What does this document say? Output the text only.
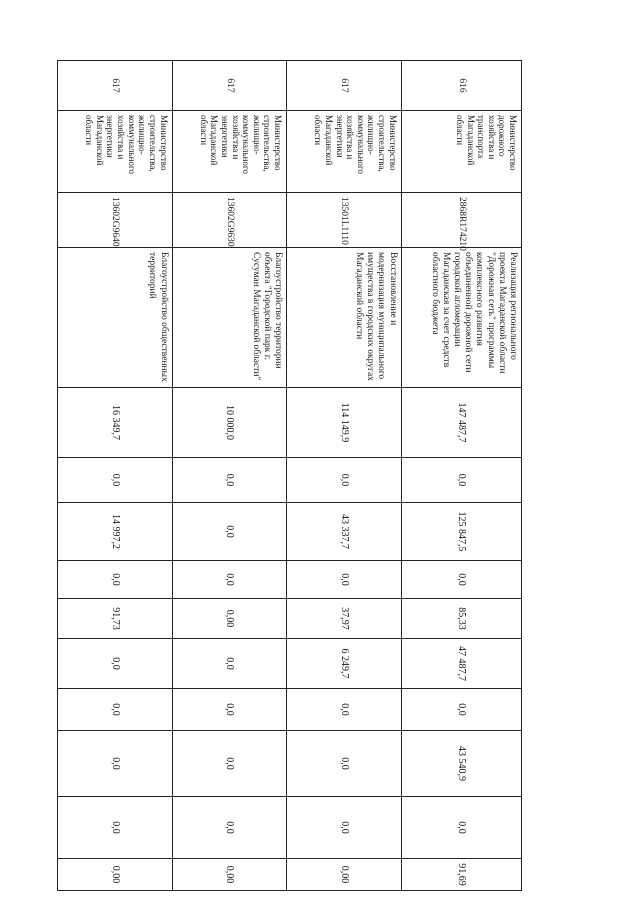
616	Министерство дорожного хозяйства и транспорта Магаданской области	2868R174210	Реализация регионального проекта Магаданской области "Дорожная сеть" программы комплексного развития объединенной дорожной сети городской агломерации Магаданская за счет средств областного бюджета	147 487,7	0,0	125 847,5	0,0	85,33	47 487,7	0,0	43 540,9	0,0	91,69
617	Министерство строительства, жилищно-коммунального хозяйства и энергетики Магаданской области	13501L1110	Восстановление и модернизация муниципального имущества в городских округах Магаданской области	114 149,9	0,0	43 337,7	0,0	37,97	6 249,7	0,0	0,0	0,0	0,00
617	Министерство строительства, жилищно-коммунального хозяйства и энергетики Магаданской области	13602G9630	Благоустройство территории объекта "Городской парк г. Сусуман Магаданской области"	10 000,0	0,0	0,0	0,0	0,00	0,0	0,0	0,0	0,0	0,00
617	Министерство строительства, жилищно-коммунального хозяйства и энергетики Магаданской области	13602G9640	Благоустройство общественных территорий	16 349,7	0,0	14 997,2	0,0	91,73	0,0	0,0	0,0	0,0	0,00
